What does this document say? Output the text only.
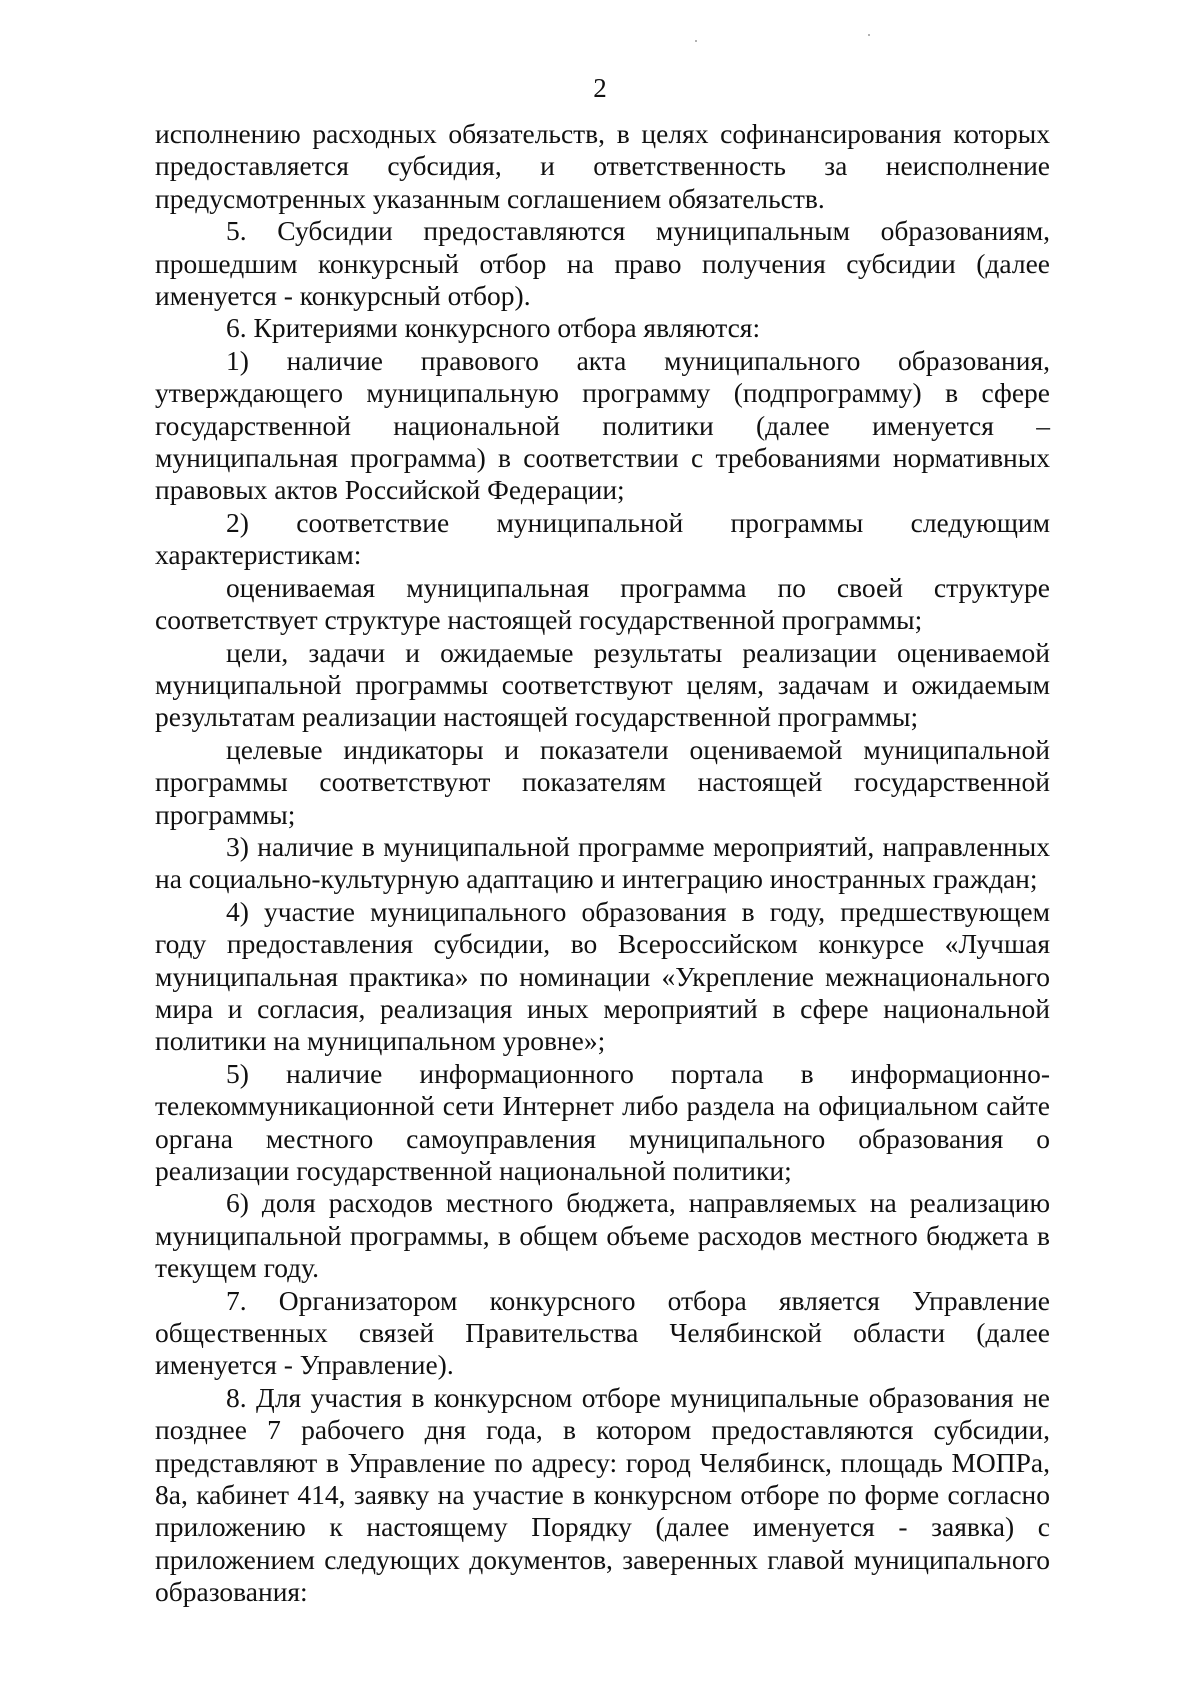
2

исполнению расходных обязательств, в целях софинансирования которых предоставляется субсидия, и ответственность за неисполнение предусмотренных указанным соглашением обязательств.

5. Субсидии предоставляются муниципальным образованиям, прошедшим конкурсный отбор на право получения субсидии (далее именуется - конкурсный отбор).

6. Критериями конкурсного отбора являются:

1) наличие правового акта муниципального образования, утверждающего муниципальную программу (подпрограмму) в сфере государственной национальной политики (далее именуется – муниципальная программа) в соответствии с требованиями нормативных правовых актов Российской Федерации;

2) соответствие муниципальной программы следующим характеристикам:

оцениваемая муниципальная программа по своей структуре соответствует структуре настоящей государственной программы;

цели, задачи и ожидаемые результаты реализации оцениваемой муниципальной программы соответствуют целям, задачам и ожидаемым результатам реализации настоящей государственной программы;

целевые индикаторы и показатели оцениваемой муниципальной программы соответствуют показателям настоящей государственной программы;

3) наличие в муниципальной программе мероприятий, направленных на социально-культурную адаптацию и интеграцию иностранных граждан;

4) участие муниципального образования в году, предшествующем году предоставления субсидии, во Всероссийском конкурсе «Лучшая муниципальная практика» по номинации «Укрепление межнационального мира и согласия, реализация иных мероприятий в сфере национальной политики на муниципальном уровне»;

5) наличие информационного портала в информационно-телекоммуникационной сети Интернет либо раздела на официальном сайте органа местного самоуправления муниципального образования о реализации государственной национальной политики;

6) доля расходов местного бюджета, направляемых на реализацию муниципальной программы, в общем объеме расходов местного бюджета в текущем году.

7. Организатором конкурсного отбора является Управление общественных связей Правительства Челябинской области (далее именуется - Управление).

8. Для участия в конкурсном отборе муниципальные образования не позднее 7 рабочего дня года, в котором предоставляются субсидии, представляют в Управление по адресу: город Челябинск, площадь МОПРа, 8а, кабинет 414, заявку на участие в конкурсном отборе по форме согласно приложению к настоящему Порядку (далее именуется - заявка) с приложением следующих документов, заверенных главой муниципального образования:
